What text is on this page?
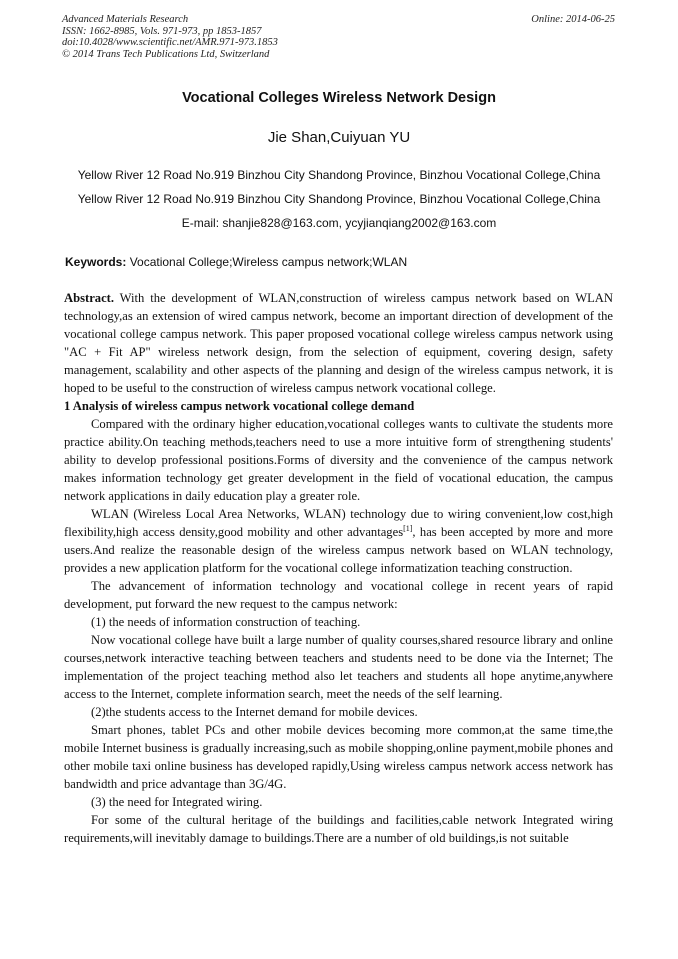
Advanced Materials Research
ISSN: 1662-8985, Vols. 971-973, pp 1853-1857
doi:10.4028/www.scientific.net/AMR.971-973.1853
© 2014 Trans Tech Publications Ltd, Switzerland
Online: 2014-06-25
Vocational Colleges Wireless Network Design
Jie Shan,Cuiyuan YU
Yellow River 12 Road No.919 Binzhou City Shandong Province, Binzhou Vocational College,China
Yellow River 12 Road No.919 Binzhou City Shandong Province, Binzhou Vocational College,China
E-mail: shanjie828@163.com, ycyjianqiang2002@163.com
Keywords: Vocational College;Wireless campus network;WLAN

Abstract. With the development of WLAN,construction of wireless campus network based on WLAN technology,as an extension of wired campus network, become an important direction of development of the vocational college campus network. This paper proposed vocational college wireless campus network using "AC + Fit AP" wireless network design, from the selection of equipment, covering design, safety management, scalability and other aspects of the planning and design of the wireless campus network, it is hoped to be useful to the construction of wireless campus network vocational college.

1 Analysis of wireless campus network vocational college demand

Compared with the ordinary higher education,vocational colleges wants to cultivate the students more practice ability.On teaching methods,teachers need to use a more intuitive form of strengthening students' ability to develop professional positions.Forms of diversity and the convenience of the campus network makes information technology get greater development in the field of vocational education, the campus network applications in daily education play a greater role.

WLAN (Wireless Local Area Networks, WLAN) technology due to wiring convenient,low cost,high flexibility,high access density,good mobility and other advantages[1], has been accepted by more and more users.And realize the reasonable design of the wireless campus network based on WLAN technology, provides a new application platform for the vocational college informatization teaching construction.

The advancement of information technology and vocational college in recent years of rapid development, put forward the new request to the campus network:

(1) the needs of information construction of teaching.

Now vocational college have built a large number of quality courses,shared resource library and online courses,network interactive teaching between teachers and students need to be done via the Internet; The implementation of the project teaching method also let teachers and students all hope anytime,anywhere access to the Internet, complete information search, meet the needs of the self learning.

(2)the students access to the Internet demand for mobile devices.

Smart phones, tablet PCs and other mobile devices becoming more common,at the same time,the mobile Internet business is gradually increasing,such as mobile shopping,online payment,mobile phones and other mobile taxi online business has developed rapidly,Using wireless campus network access network has bandwidth and price advantage than 3G/4G.

(3) the need for Integrated wiring.

For some of the cultural heritage of the buildings and facilities,cable network Integrated wiring requirements,will inevitably damage to buildings.There are a number of old buildings,is not suitable
